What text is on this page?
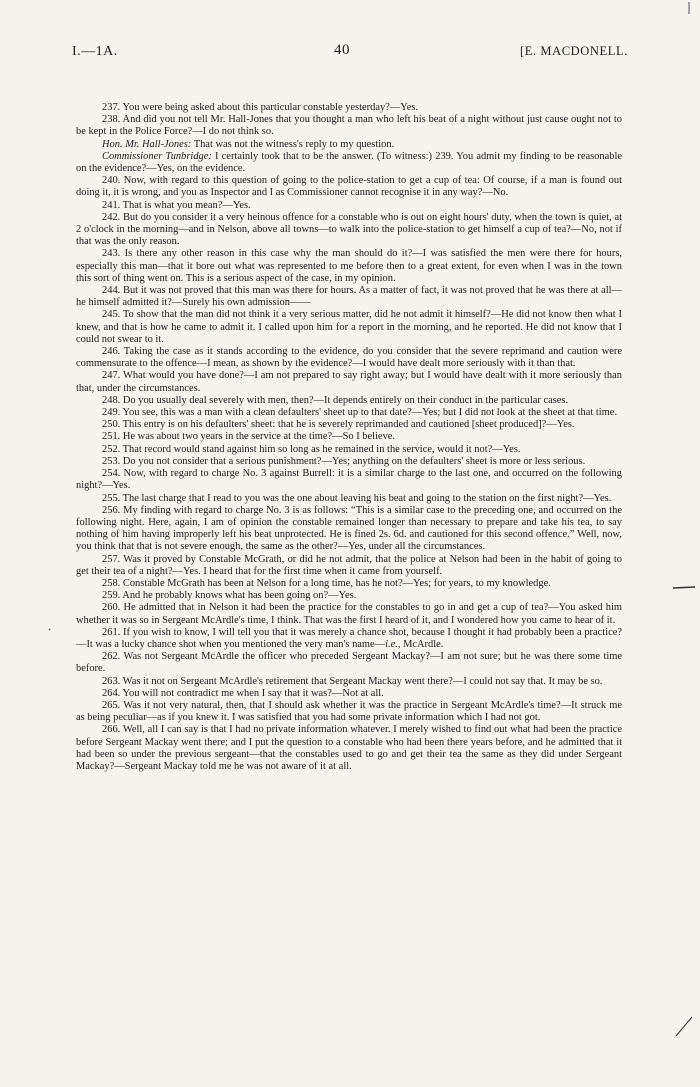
I.—1A.	40	[E. MACDONELL.

237. You were being asked about this particular constable yesterday?—Yes.

238. And did you not tell Mr. Hall-Jones that you thought a man who left his beat of a night without just cause ought not to be kept in the Police Force?—I do not think so.

Hon. Mr. Hall-Jones: That was not the witness's reply to my question.

Commissioner Tunbridge: I certainly took that to be the answer. (To witness:) 239. You admit my finding to be reasonable on the evidence?—Yes, on the evidence.

240. Now, with regard to this question of going to the police-station to get a cup of tea: Of course, if a man is found out doing it, it is wrong, and you as Inspector and I as Commissioner cannot recognise it in any way?—No.

241. That is what you mean?—Yes.

242. But do you consider it a very heinous offence for a constable who is out on eight hours' duty, when the town is quiet, at 2 o'clock in the morning—and in Nelson, above all towns—to walk into the police-station to get himself a cup of tea?—No, not if that was the only reason.

243. Is there any other reason in this case why the man should do it?—I was satisfied the men were there for hours, especially this man—that it bore out what was represented to me before then to a great extent, for even when I was in the town this sort of thing went on. This is a serious aspect of the case, in my opinion.

244. But it was not proved that this man was there for hours. As a matter of fact, it was not proved that he was there at all—he himself admitted it?—Surely his own admission——

245. To show that the man did not think it a very serious matter, did he not admit it himself?—He did not know then what I knew, and that is how he came to admit it. I called upon him for a report in the morning, and he reported. He did not know that I could not swear to it.

246. Taking the case as it stands according to the evidence, do you consider that the severe reprimand and caution were commensurate to the offence—I mean, as shown by the evidence?—I would have dealt more seriously with it than that.

247. What would you have done?—I am not prepared to say right away; but I would have dealt with it more seriously than that, under the circumstances.

248. Do you usually deal severely with men, then?—It depends entirely on their conduct in the particular cases.

249. You see, this was a man with a clean defaulters' sheet up to that date?—Yes; but I did not look at the sheet at that time.

250. This entry is on his defaulters' sheet: that he is severely reprimanded and cautioned [sheet produced]?—Yes.

251. He was about two years in the service at the time?—So I believe.

252. That record would stand against him so long as he remained in the service, would it not?—Yes.

253. Do you not consider that a serious punishment?—Yes; anything on the defaulters' sheet is more or less serious.

254. Now, with regard to charge No. 3 against Burrell: it is a similar charge to the last one, and occurred on the following night?—Yes.

255. The last charge that I read to you was the one about leaving his beat and going to the station on the first night?—Yes.

256. My finding with regard to charge No. 3 is as follows: “This is a similar case to the preceding one, and occurred on the following night. Here, again, I am of opinion the constable remained longer than necessary to prepare and take his tea, to say nothing of him having improperly left his beat unprotected. He is fined 2s. 6d. and cautioned for this second offence.” Well, now, you think that that is not severe enough, the same as the other?—Yes, under all the circumstances.

257. Was it proved by Constable McGrath, or did he not admit, that the police at Nelson had been in the habit of going to get their tea of a night?—Yes. I heard that for the first time when it came from yourself.

258. Constable McGrath has been at Nelson for a long time, has he not?—Yes; for years, to my knowledge.

259. And he probably knows what has been going on?—Yes.

260. He admitted that in Nelson it had been the practice for the constables to go in and get a cup of tea?—You asked him whether it was so in Sergeant McArdle's time, I think. That was the first I heard of it, and I wondered how you came to hear of it.

261. If you wish to know, I will tell you that it was merely a chance shot, because I thought it had probably been a practice?—It was a lucky chance shot when you mentioned the very man's name—i.e., McArdle.

262. Was not Sergeant McArdle the officer who preceded Sergeant Mackay?—I am not sure; but he was there some time before.

263. Was it not on Sergeant McArdle's retirement that Sergeant Mackay went there?—I could not say that. It may be so.

264. You will not contradict me when I say that it was?—Not at all.

265. Was it not very natural, then, that I should ask whether it was the practice in Sergeant McArdle's time?—It struck me as being peculiar—as if you knew it. I was satisfied that you had some private information which I had not got.

266. Well, all I can say is that I had no private information whatever. I merely wished to find out what had been the practice before Sergeant Mackay went there; and I put the question to a constable who had been there years before, and he admitted that it had been so under the previous sergeant—that the constables used to go and get their tea the same as they did under Sergeant Mackay?—Sergeant Mackay told me he was not aware of it at all.
